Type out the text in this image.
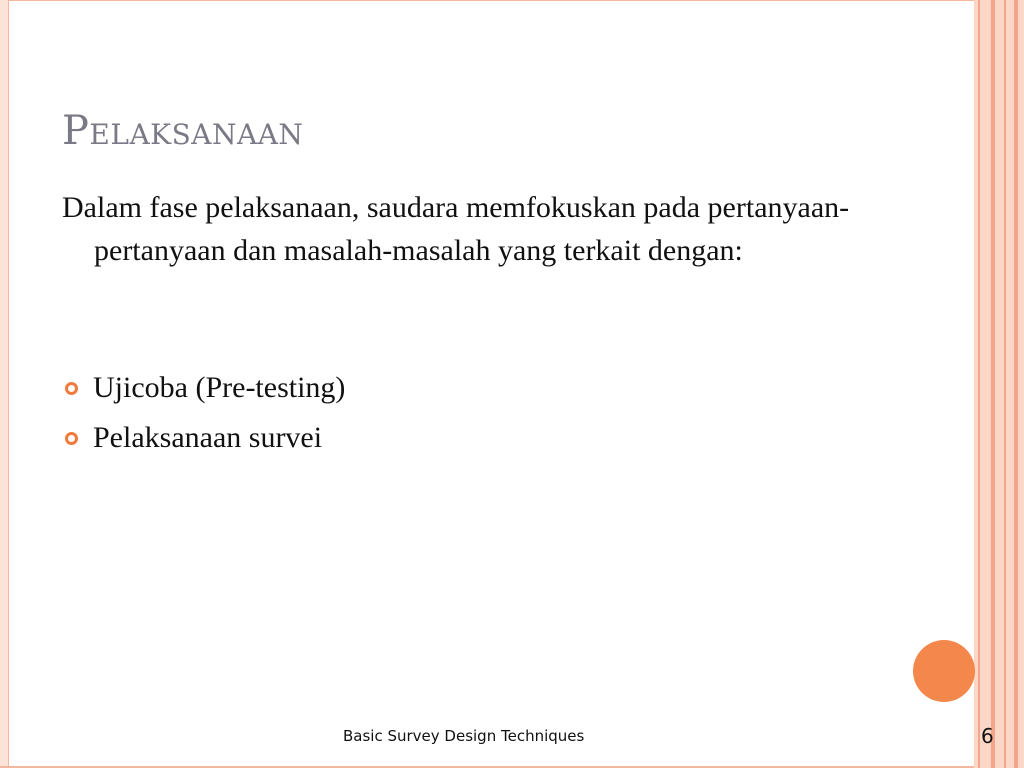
Pelaksanaan
Dalam fase pelaksanaan, saudara memfokuskan pada pertanyaan-pertanyaan dan masalah-masalah yang terkait dengan:
Ujicoba (Pre-testing)
Pelaksanaan survei
Basic Survey Design Techniques	6
